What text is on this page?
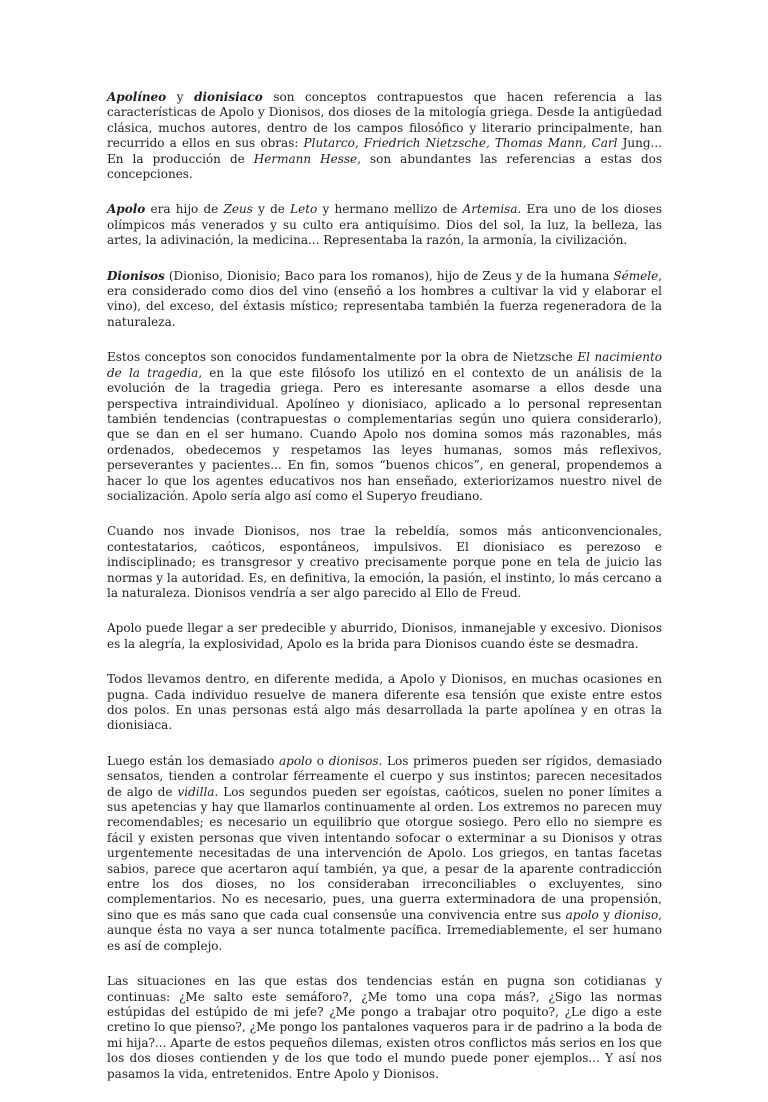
Apolíneo y dionisiaco son conceptos contrapuestos que hacen referencia a las características de Apolo y Dionisos, dos dioses de la mitología griega. Desde la antigüedad clásica, muchos autores, dentro de los campos filosófico y literario principalmente, han recurrido a ellos en sus obras: Plutarco, Friedrich Nietzsche, Thomas Mann, Carl Jung... En la producción de Hermann Hesse, son abundantes las referencias a estas dos concepciones.

Apolo era hijo de Zeus y de Leto y hermano mellizo de Artemisa. Era uno de los dioses olímpicos más venerados y su culto era antiquísimo. Dios del sol, la luz, la belleza, las artes, la adivinación, la medicina... Representaba la razón, la armonía, la civilización.

Dionisos (Dioniso, Dionisio; Baco para los romanos), hijo de Zeus y de la humana Sémele, era considerado como dios del vino (enseñó a los hombres a cultivar la vid y elaborar el vino), del exceso, del éxtasis místico; representaba también la fuerza regeneradora de la naturaleza.

Estos conceptos son conocidos fundamentalmente por la obra de Nietzsche El nacimiento de la tragedia, en la que este filósofo los utilizó en el contexto de un análisis de la evolución de la tragedia griega. Pero es interesante asomarse a ellos desde una perspectiva intraindividual. Apolíneo y dionisiaco, aplicado a lo personal representan también tendencias (contrapuestas o complementarias según uno quiera considerarlo), que se dan en el ser humano. Cuando Apolo nos domina somos más razonables, más ordenados, obedecemos y respetamos las leyes humanas, somos más reflexivos, perseverantes y pacientes... En fin, somos “buenos chicos”, en general, propendemos a hacer lo que los agentes educativos nos han enseñado, exteriorizamos nuestro nivel de socialización. Apolo sería algo así como el Superyo freudiano.

Cuando nos invade Dionisos, nos trae la rebeldía, somos más anticonvencionales, contestatarios, caóticos, espontáneos, impulsivos. El dionisiaco es perezoso e indisciplinado; es transgresor y creativo precisamente porque pone en tela de juicio las normas y la autoridad. Es, en definitiva, la emoción, la pasión, el instinto, lo más cercano a la naturaleza. Dionisos vendría a ser algo parecido al Ello de Freud.

Apolo puede llegar a ser predecible y aburrido, Dionisos, inmanejable y excesivo. Dionisos es la alegría, la explosividad, Apolo es la brida para Dionisos cuando éste se desmadra.

Todos llevamos dentro, en diferente medida, a Apolo y Dionisos, en muchas ocasiones en pugna. Cada individuo resuelve de manera diferente esa tensión que existe entre estos dos polos. En unas personas está algo más desarrollada la parte apolínea y en otras la dionisiaca.

Luego están los demasiado apolo o dionisos. Los primeros pueden ser rígidos, demasiado sensatos, tienden a controlar férreamente el cuerpo y sus instintos; parecen necesitados de algo de vidilla. Los segundos pueden ser egoístas, caóticos, suelen no poner límites a sus apetencias y hay que llamarlos continuamente al orden. Los extremos no parecen muy recomendables; es necesario un equilibrio que otorgue sosiego. Pero ello no siempre es fácil y existen personas que viven intentando sofocar o exterminar a su Dionisos y otras urgentemente necesitadas de una intervención de Apolo. Los griegos, en tantas facetas sabios, parece que acertaron aquí también, ya que, a pesar de la aparente contradicción entre los dos dioses, no los consideraban irreconciliables o excluyentes, sino complementarios. No es necesario, pues, una guerra exterminadora de una propensión, sino que es más sano que cada cual consensúe una convivencia entre sus apolo y dioniso, aunque ésta no vaya a ser nunca totalmente pacífica. Irremediablemente, el ser humano es así de complejo.

Las situaciones en las que estas dos tendencias están en pugna son cotidianas y continuas: ¿Me salto este semáforo?, ¿Me tomo una copa más?, ¿Sigo las normas estúpidas del estúpido de mi jefe? ¿Me pongo a trabajar otro poquito?, ¿Le digo a este cretino lo que pienso?, ¿Me pongo los pantalones vaqueros para ir de padrino a la boda de mi hija?... Aparte de estos pequeños dilemas, existen otros conflictos más serios en los que los dos dioses contienden y de los que todo el mundo puede poner ejemplos... Y así nos pasamos la vida, entretenidos. Entre Apolo y Dionisos.
